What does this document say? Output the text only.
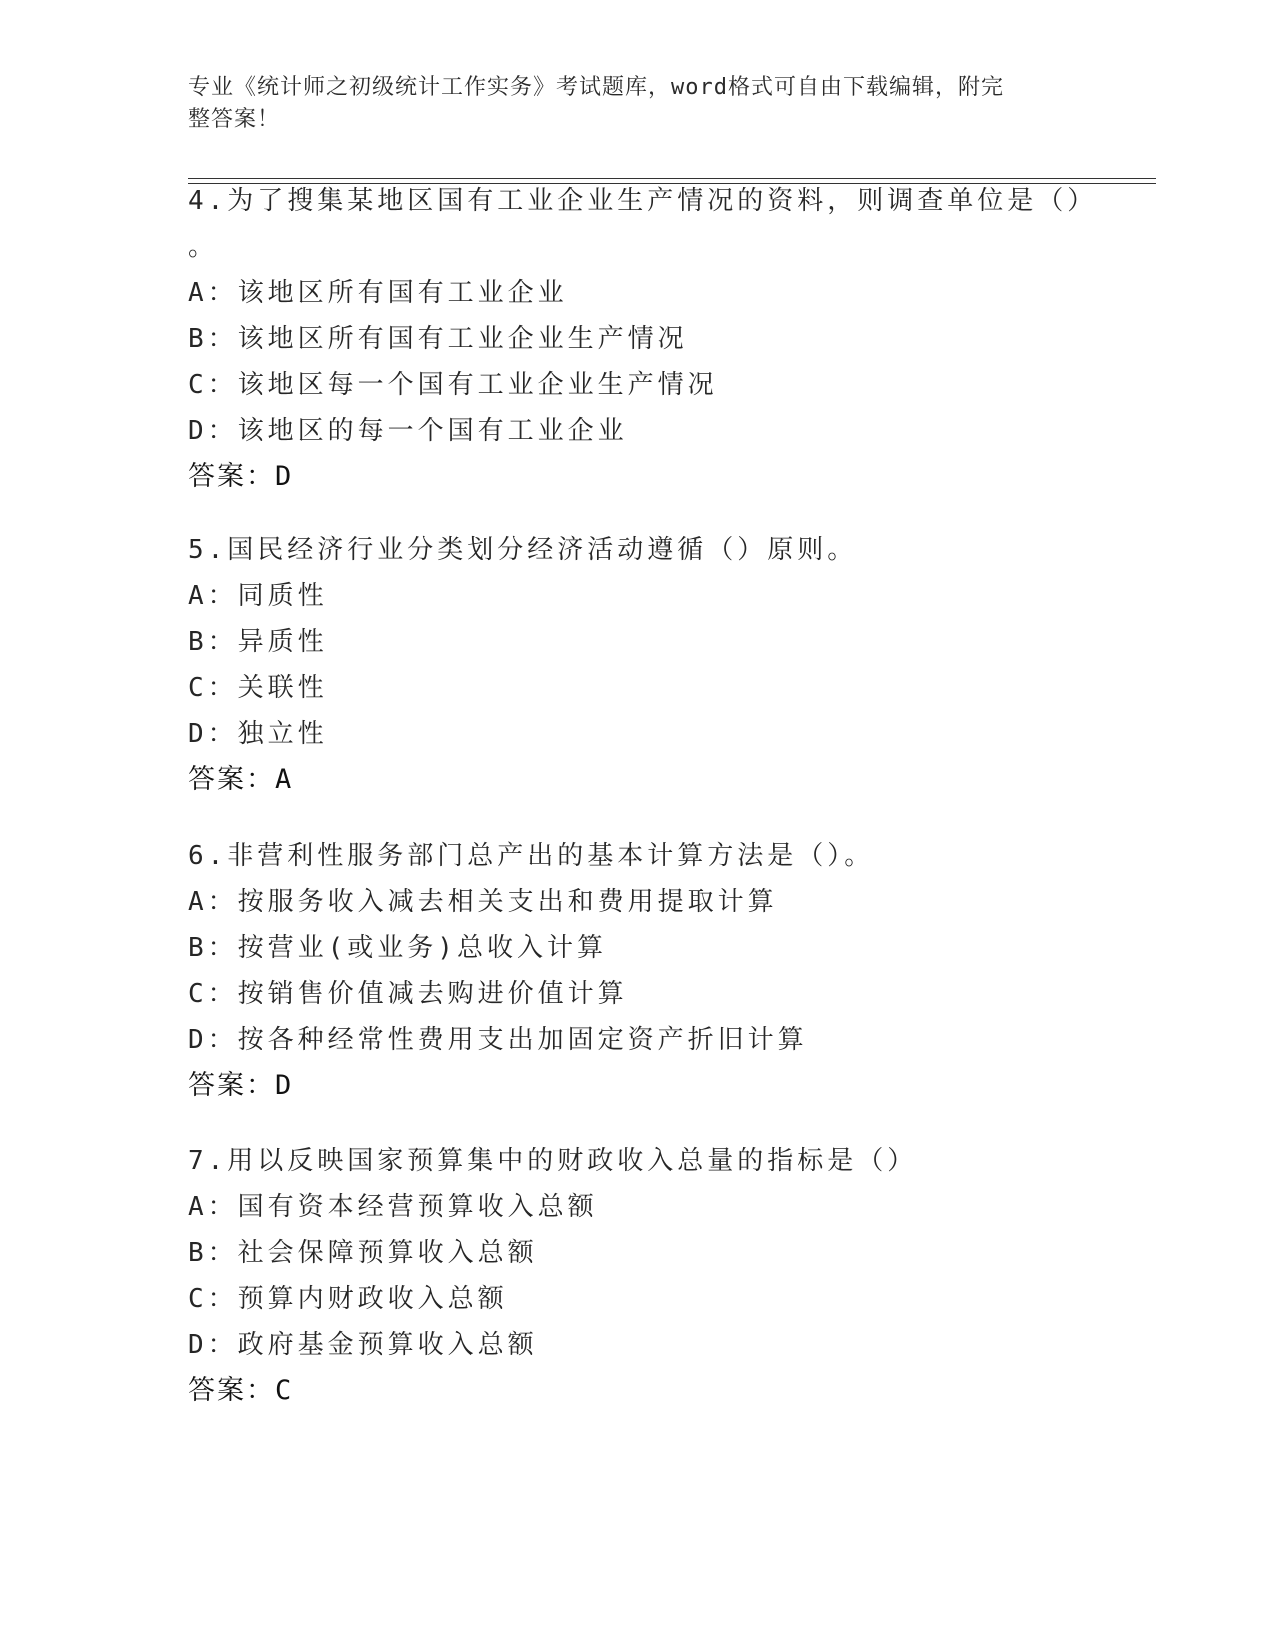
专业《统计师之初级统计工作实务》考试题库，word格式可自由下载编辑，附完
整答案！

4.为了搜集某地区国有工业企业生产情况的资料，则调查单位是（）

。

A：该地区所有国有工业企业

B：该地区所有国有工业企业生产情况

C：该地区每一个国有工业企业生产情况

D：该地区的每一个国有工业企业

答案：D

5.国民经济行业分类划分经济活动遵循（）原则。

A：同质性

B：异质性

C：关联性

D：独立性

答案：A

6.非营利性服务部门总产出的基本计算方法是（）。

A：按服务收入减去相关支出和费用提取计算

B：按营业(或业务)总收入计算

C：按销售价值减去购进价值计算

D：按各种经常性费用支出加固定资产折旧计算

答案：D

7.用以反映国家预算集中的财政收入总量的指标是（）

A：国有资本经营预算收入总额

B：社会保障预算收入总额

C：预算内财政收入总额

D：政府基金预算收入总额

答案：C
